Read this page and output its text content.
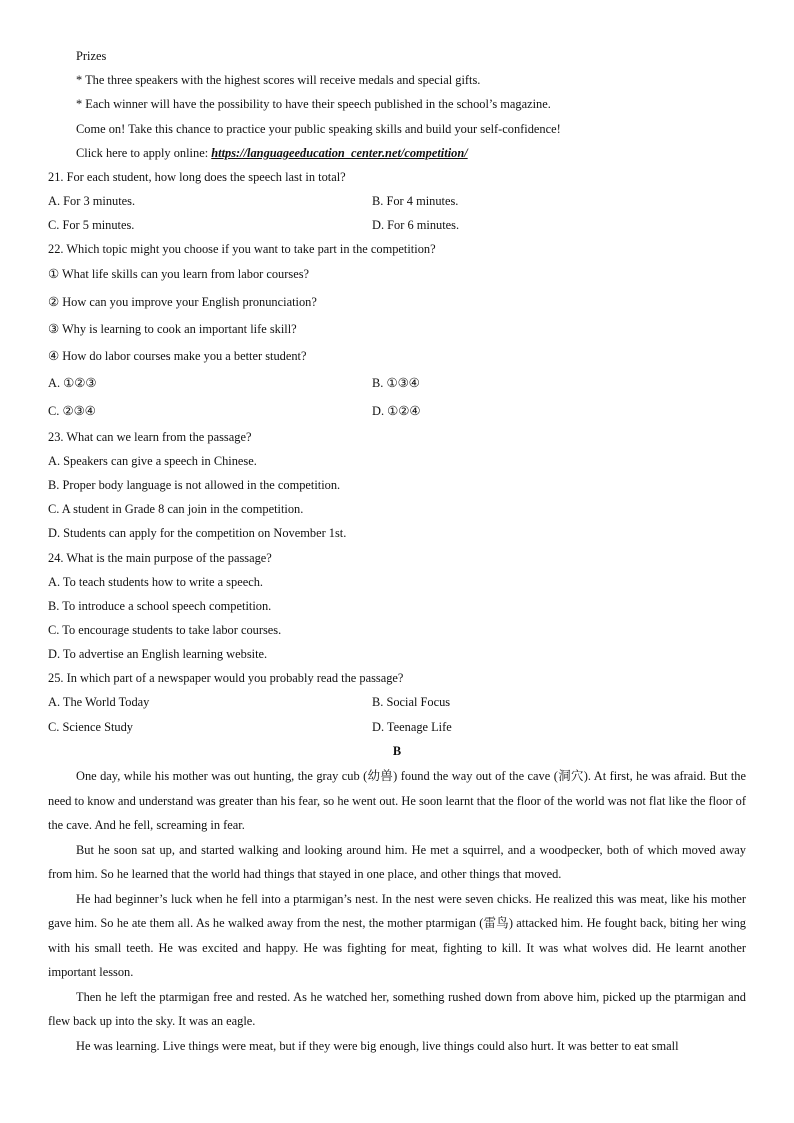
Prizes
* The three speakers with the highest scores will receive medals and special gifts.
* Each winner will have the possibility to have their speech published in the school’s magazine.
Come on! Take this chance to practice your public speaking skills and build your self-confidence!
Click here to apply online: https://languageeducation_center.net/competition/
21. For each student, how long does the speech last in total?
A. For 3 minutes.	B. For 4 minutes.
C. For 5 minutes.	D. For 6 minutes.
22. Which topic might you choose if you want to take part in the competition?
① What life skills can you learn from labor courses?
② How can you improve your English pronunciation?
③ Why is learning to cook an important life skill?
④ How do labor courses make you a better student?
A. ①②③	B. ①③④
C. ②③④	D. ①②④
23. What can we learn from the passage?
A. Speakers can give a speech in Chinese.
B. Proper body language is not allowed in the competition.
C. A student in Grade 8 can join in the competition.
D. Students can apply for the competition on November 1st.
24. What is the main purpose of the passage?
A. To teach students how to write a speech.
B. To introduce a school speech competition.
C. To encourage students to take labor courses.
D. To advertise an English learning website.
25. In which part of a newspaper would you probably read the passage?
A. The World Today	B. Social Focus
C. Science Study	D. Teenage Life
B

One day, while his mother was out hunting, the gray cub (幼兽) found the way out of the cave (洞穴). At first, he was afraid. But the need to know and understand was greater than his fear, so he went out. He soon learnt that the floor of the world was not flat like the floor of the cave. And he fell, screaming in fear.

But he soon sat up, and started walking and looking around him. He met a squirrel, and a woodpecker, both of which moved away from him. So he learned that the world had things that stayed in one place, and other things that moved.

He had beginner’s luck when he fell into a ptarmigan’s nest. In the nest were seven chicks. He realized this was meat, like his mother gave him. So he ate them all. As he walked away from the nest, the mother ptarmigan (雷鸟) attacked him. He fought back, biting her wing with his small teeth. He was excited and happy. He was fighting for meat, fighting to kill. It was what wolves did. He learnt another important lesson.

Then he left the ptarmigan free and rested. As he watched her, something rushed down from above him, picked up the ptarmigan and flew back up into the sky. It was an eagle.

He was learning. Live things were meat, but if they were big enough, live things could also hurt. It was better to eat small
